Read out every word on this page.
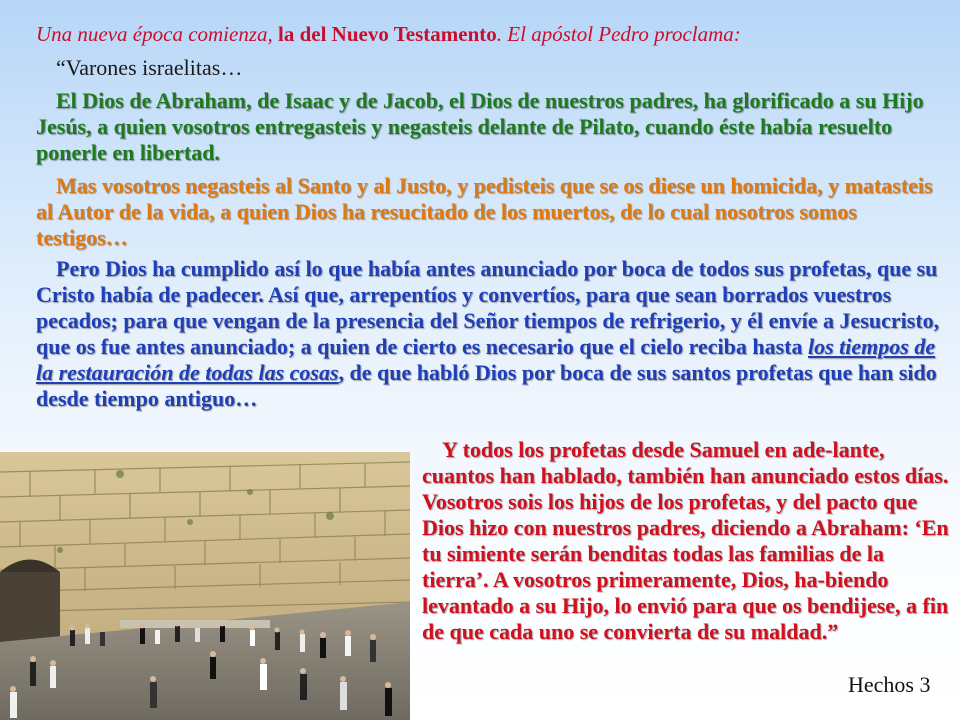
Una nueva época comienza, la del Nuevo Testamento. El apóstol Pedro proclama:
“Varones israelitas…

El Dios de Abraham, de Isaac y de Jacob, el Dios de nuestros padres, ha glorificado a su Hijo Jesús, a quien vosotros entregasteis y negasteis delante de Pilato, cuando éste había resuelto ponerle en libertad.

Mas vosotros negasteis al Santo y al Justo, y pedisteis que se os diese un homicida, y matasteis al Autor de la vida, a quien Dios ha resucitado de los muertos, de lo cual nosotros somos testigos…

Pero Dios ha cumplido así lo que había antes anunciado por boca de todos sus profetas, que su Cristo había de padecer. Así que, arrepentíos y convertíos, para que sean borrados vuestros pecados; para que vengan de la presencia del Señor tiempos de refrigerio, y él envíe a Jesucristo, que os fue antes anunciado; a quien de cierto es necesario que el cielo reciba hasta los tiempos de la restauración de todas las cosas, de que habló Dios por boca de sus santos profetas que han sido desde tiempo antiguo…

Y todos los profetas desde Samuel en ade-lante, cuantos han hablado, también han anunciado estos días. Vosotros sois los hijos de los profetas, y del pacto que Dios hizo con nuestros padres, diciendo a Abraham: ‘En tu simiente serán benditas todas las familias de la tierra’. A vosotros primeramente, Dios, ha-biendo levantado a su Hijo, lo envió para que os bendijese, a fin de que cada uno se convierta de su maldad.”

Hechos 3
